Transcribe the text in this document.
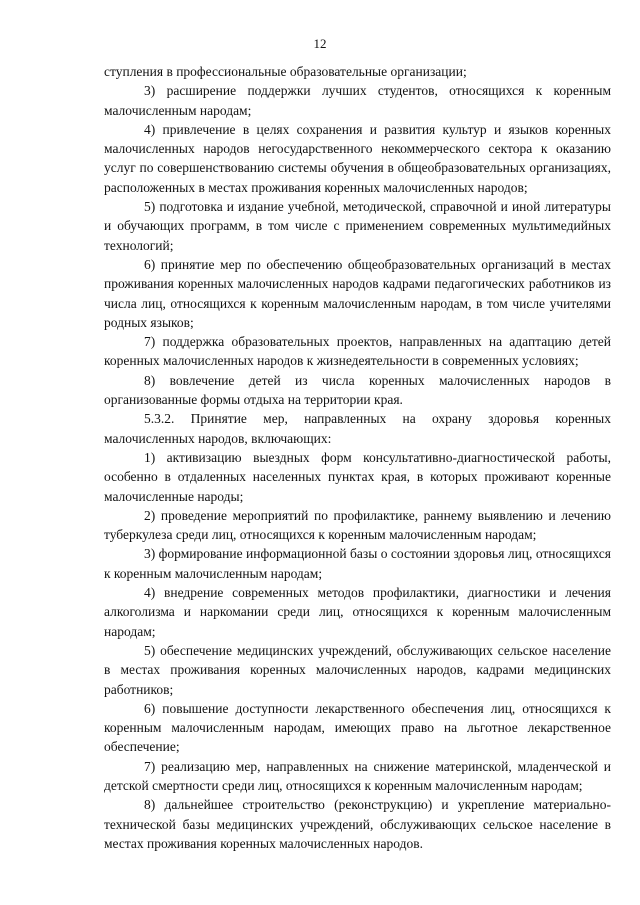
12

ступления в профессиональные образовательные организации;

3) расширение поддержки лучших студентов, относящихся к коренным малочисленным народам;

4) привлечение в целях сохранения и развития культур и языков коренных малочисленных народов негосударственного некоммерческого сектора к оказанию услуг по совершенствованию системы обучения в общеобразовательных организациях, расположенных в местах проживания коренных малочисленных народов;

5) подготовка и издание учебной, методической, справочной и иной литературы и обучающих программ, в том числе с применением современных мультимедийных технологий;

6) принятие мер по обеспечению общеобразовательных организаций в местах проживания коренных малочисленных народов кадрами педагогических работников из числа лиц, относящихся к коренным малочисленным народам, в том числе учителями родных языков;

7) поддержка образовательных проектов, направленных на адаптацию детей коренных малочисленных народов к жизнедеятельности в современных условиях;

8) вовлечение детей из числа коренных малочисленных народов в организованные формы отдыха на территории края.

5.3.2. Принятие мер, направленных на охрану здоровья коренных малочисленных народов, включающих:

1) активизацию выездных форм консультативно-диагностической работы, особенно в отдаленных населенных пунктах края, в которых проживают коренные малочисленные народы;

2) проведение мероприятий по профилактике, раннему выявлению и лечению туберкулеза среди лиц, относящихся к коренным малочисленным народам;

3) формирование информационной базы о состоянии здоровья лиц, относящихся к коренным малочисленным народам;

4) внедрение современных методов профилактики, диагностики и лечения алкоголизма и наркомании среди лиц, относящихся к коренным малочисленным народам;

5) обеспечение медицинских учреждений, обслуживающих сельское население в местах проживания коренных малочисленных народов, кадрами медицинских работников;

6) повышение доступности лекарственного обеспечения лиц, относящихся к коренным малочисленным народам, имеющих право на льготное лекарственное обеспечение;

7) реализацию мер, направленных на снижение материнской, младенческой и детской смертности среди лиц, относящихся к коренным малочисленным народам;

8) дальнейшее строительство (реконструкцию) и укрепление материально-технической базы медицинских учреждений, обслуживающих сельское население в местах проживания коренных малочисленных народов.
